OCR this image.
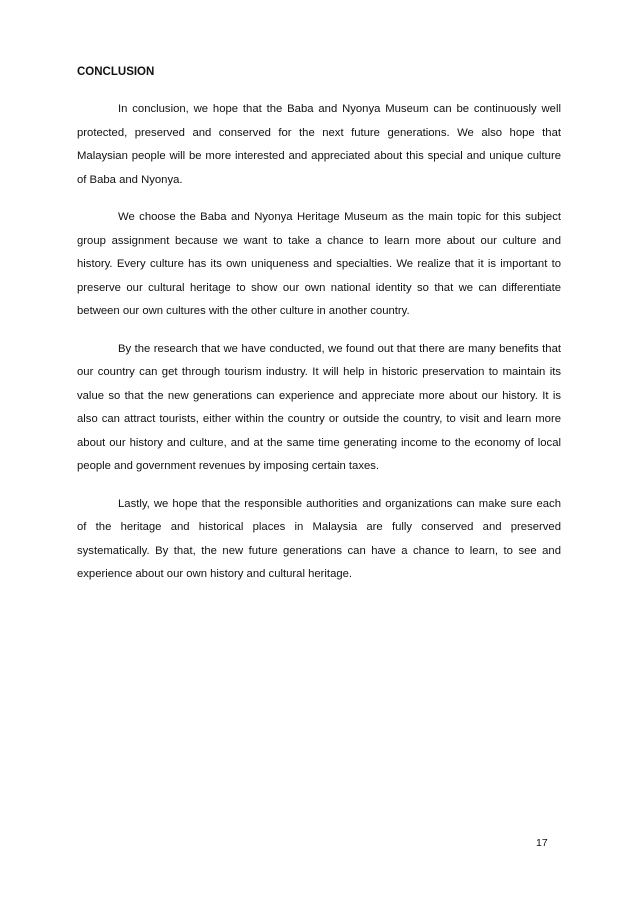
CONCLUSION

In conclusion, we hope that the Baba and Nyonya Museum can be continuously well protected, preserved and conserved for the next future generations. We also hope that Malaysian people will be more interested and appreciated about this special and unique culture of Baba and Nyonya.

We choose the Baba and Nyonya Heritage Museum as the main topic for this subject group assignment because we want to take a chance to learn more about our culture and history. Every culture has its own uniqueness and specialties. We realize that it is important to preserve our cultural heritage to show our own national identity so that we can differentiate between our own cultures with the other culture in another country.

By the research that we have conducted, we found out that there are many benefits that our country can get through tourism industry. It will help in historic preservation to maintain its value so that the new generations can experience and appreciate more about our history. It is also can attract tourists, either within the country or outside the country, to visit and learn more about our history and culture, and at the same time generating income to the economy of local people and government revenues by imposing certain taxes.

Lastly, we hope that the responsible authorities and organizations can make sure each of the heritage and historical places in Malaysia are fully conserved and preserved systematically. By that, the new future generations can have a chance to learn, to see and experience about our own history and cultural heritage.

17
